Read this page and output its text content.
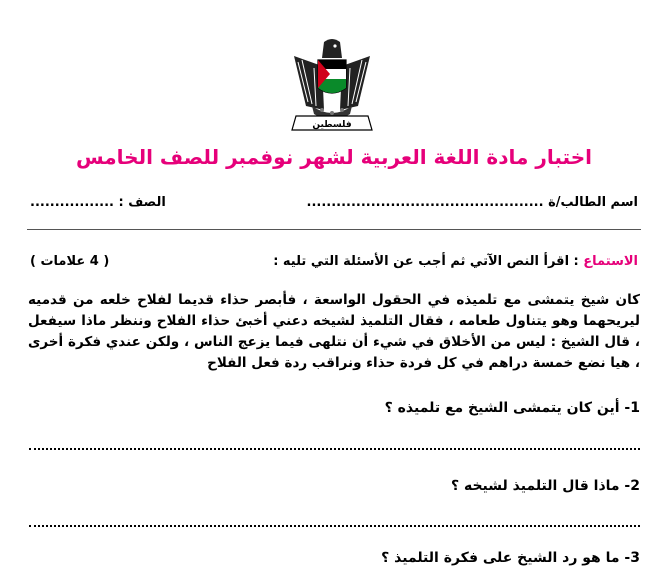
فلسطين
اختبار مادة اللغة العربية لشهر نوفمبر للصف الخامس
اسم الطالب/ة ................................................
الصف : .................
الاستماع : اقرأ النص الآتي ثم أجب عن الأسئلة التي تليه :
( 4 علامات )
كان شيخ يتمشى مع تلميذه في الحقول الواسعة ، فأبصر حذاء قديما لفلاح خلعه من قدميه ليريحهما وهو يتناول طعامه ، فقال التلميذ لشيخه دعني أخبئ حذاء الفلاح وننظر ماذا سيفعل ، قال الشيخ : ليس من الأخلاق في شيء أن نتلهى فيما يزعج الناس ، ولكن عندي فكرة أخرى ، هيا نضع خمسة دراهم في كل فردة حذاء ونراقب ردة فعل الفلاح
1- أين كان يتمشى الشيخ مع تلميذه ؟
2- ماذا قال التلميذ لشيخه ؟
3- ما هو رد الشيخ على فكرة التلميذ ؟
